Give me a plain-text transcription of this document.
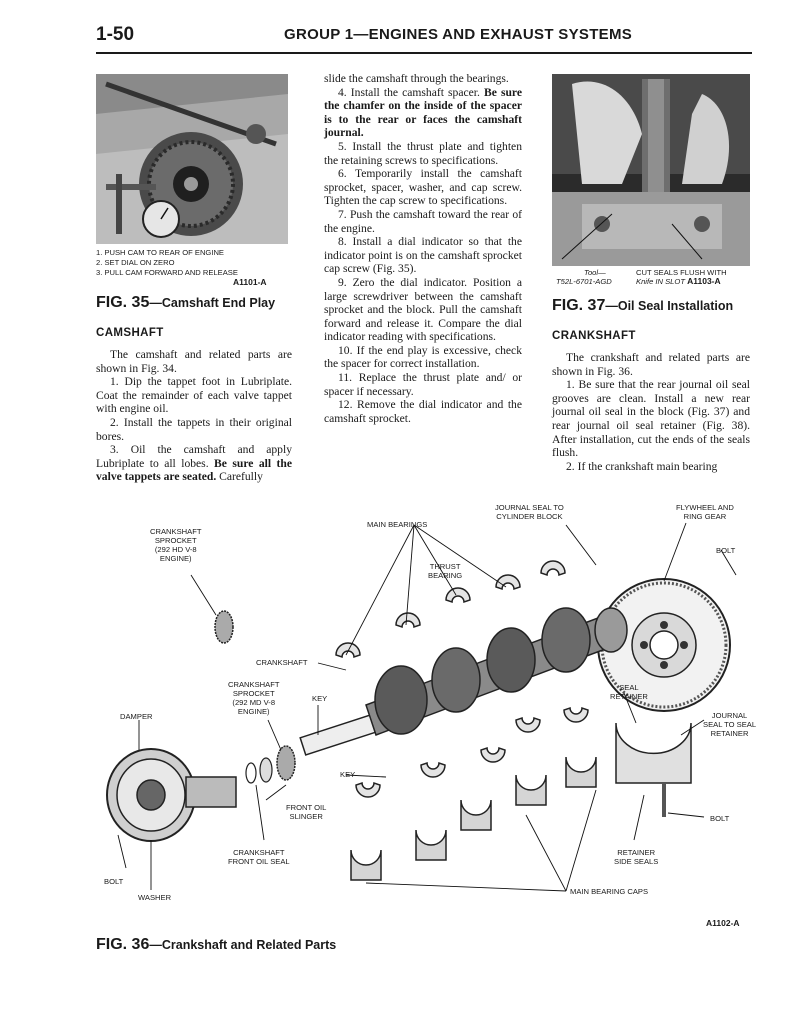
1-50	GROUP 1—ENGINES AND EXHAUST SYSTEMS
1. PUSH CAM TO REAR OF ENGINE
2. SET DIAL ON ZERO
3. PULL CAM FORWARD AND RELEASE
A1101-A
FIG. 35—Camshaft End Play
CAMSHAFT

The camshaft and related parts are shown in Fig. 34.

1. Dip the tappet foot in Lubriplate. Coat the remainder of each valve tappet with engine oil.

2. Install the tappets in their original bores.

3. Oil the camshaft and apply Lubriplate to all lobes. Be sure all the valve tappets are seated. Carefully

slide the camshaft through the bearings.

4. Install the camshaft spacer. Be sure the chamfer on the inside of the spacer is to the rear or faces the camshaft journal.

5. Install the thrust plate and tighten the retaining screws to specifications.

6. Temporarily install the camshaft sprocket, spacer, washer, and cap screw. Tighten the cap screw to specifications.

7. Push the camshaft toward the rear of the engine.

8. Install a dial indicator so that the indicator point is on the camshaft sprocket cap screw (Fig. 35).

9. Zero the dial indicator. Position a large screwdriver between the camshaft sprocket and the block. Pull the camshaft forward and release it. Compare the dial indicator reading with specifications.

10. If the end play is excessive, check the spacer for correct installation.

11. Replace the thrust plate and/ or spacer if necessary.

12. Remove the dial indicator and the camshaft sprocket.

Tool—
T52L-6701-AGD
CUT SEALS FLUSH WITH
Knife IN SLOT A1103-A
FIG. 37—Oil Seal Installation
CRANKSHAFT

The crankshaft and related parts are shown in Fig. 36.

1. Be sure that the rear journal oil seal grooves are clean. Install a new rear journal oil seal in the block (Fig. 37) and rear journal oil seal retainer (Fig. 38). After installation, cut the ends of the seals flush.

2. If the crankshaft main bearing

CRANKSHAFT
SPROCKET
(292 HD V-8
ENGINE)
MAIN BEARINGS
JOURNAL SEAL TO
CYLINDER BLOCK
FLYWHEEL AND
RING GEAR
BOLT
THRUST
BEARING
CRANKSHAFT
CRANKSHAFT
SPROCKET
(292 MD V-8
ENGINE)
KEY
DAMPER
SEAL
RETAINER
JOURNAL
SEAL TO SEAL
RETAINER
KEY
FRONT OIL
SLINGER	BOLT
CRANKSHAFT
FRONT OIL SEAL
RETAINER
SIDE SEALS
BOLT
WASHER
MAIN BEARING CAPS
A1102-A
FIG. 36—Crankshaft and Related Parts
